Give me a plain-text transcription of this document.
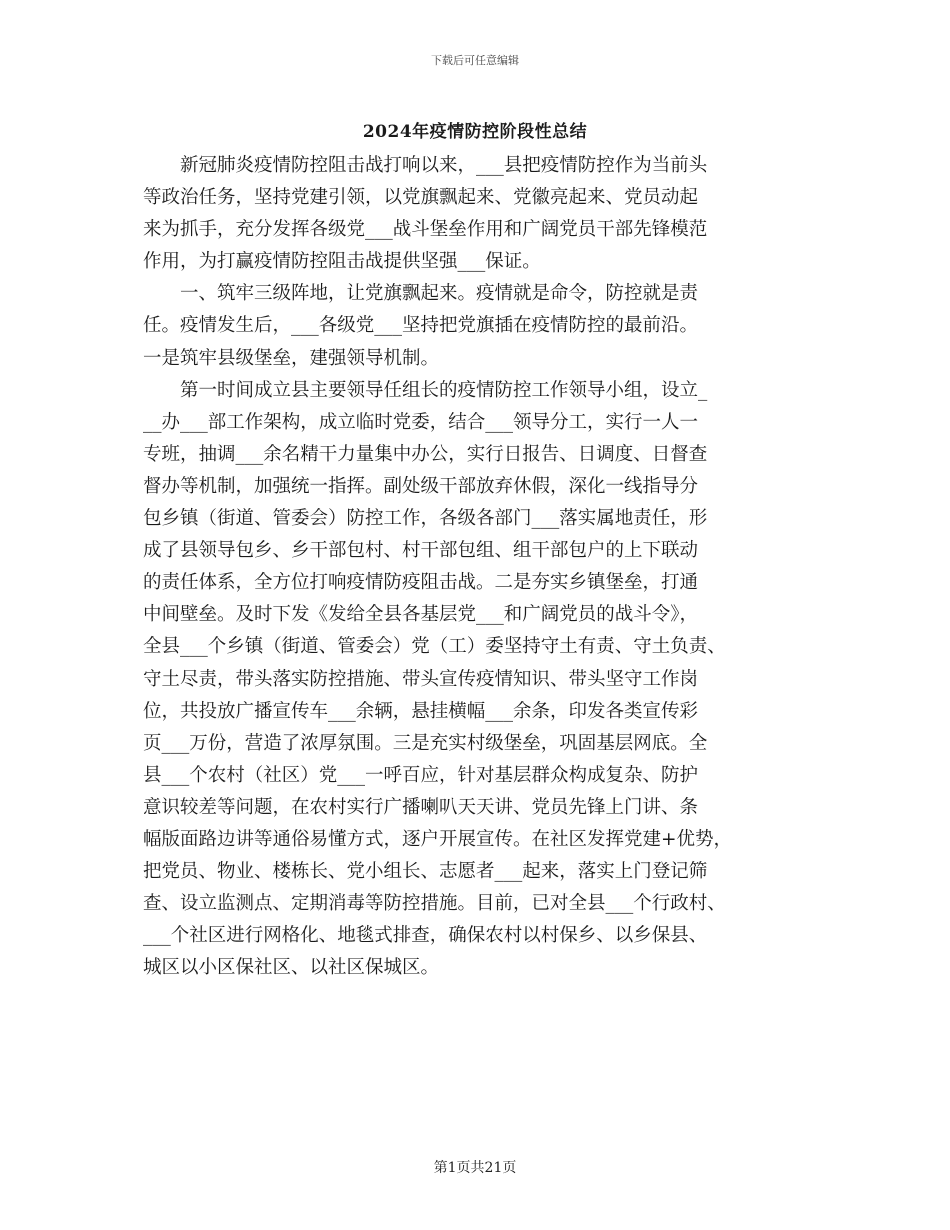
下载后可任意编辑
2024年疫情防控阶段性总结
　　新冠肺炎疫情防控阻击战打响以来，___县把疫情防控作为当前头
等政治任务，坚持党建引领，以党旗飘起来、党徽亮起来、党员动起
来为抓手，充分发挥各级党___战斗堡垒作用和广阔党员干部先锋模范
作用，为打赢疫情防控阻击战提供坚强___保证。
　　一、筑牢三级阵地，让党旗飘起来。疫情就是命令，防控就是责
任。疫情发生后，___各级党___坚持把党旗插在疫情防控的最前沿。
一是筑牢县级堡垒，建强领导机制。
　　第一时间成立县主要领导任组长的疫情防控工作领导小组，设立_
__办___部工作架构，成立临时党委，结合___领导分工，实行一人一
专班，抽调___余名精干力量集中办公，实行日报告、日调度、日督查
督办等机制，加强统一指挥。副处级干部放弃休假，深化一线指导分
包乡镇（街道、管委会）防控工作，各级各部门___落实属地责任，形
成了县领导包乡、乡干部包村、村干部包组、组干部包户的上下联动
的责任体系，全方位打响疫情防疫阻击战。二是夯实乡镇堡垒，打通
中间壁垒。及时下发《发给全县各基层党___和广阔党员的战斗令》，
全县___个乡镇（街道、管委会）党（工）委坚持守土有责、守土负责、
守土尽责，带头落实防控措施、带头宣传疫情知识、带头坚守工作岗
位，共投放广播宣传车___余辆，悬挂横幅___余条，印发各类宣传彩
页___万份，营造了浓厚氛围。三是充实村级堡垒，巩固基层网底。全
县___个农村（社区）党___一呼百应，针对基层群众构成复杂、防护
意识较差等问题，在农村实行广播喇叭天天讲、党员先锋上门讲、条
幅版面路边讲等通俗易懂方式，逐户开展宣传。在社区发挥党建+优势，
把党员、物业、楼栋长、党小组长、志愿者___起来，落实上门登记筛
查、设立监测点、定期消毒等防控措施。目前，已对全县___个行政村、
___个社区进行网格化、地毯式排查，确保农村以村保乡、以乡保县、
城区以小区保社区、以社区保城区。
第1页共21页
